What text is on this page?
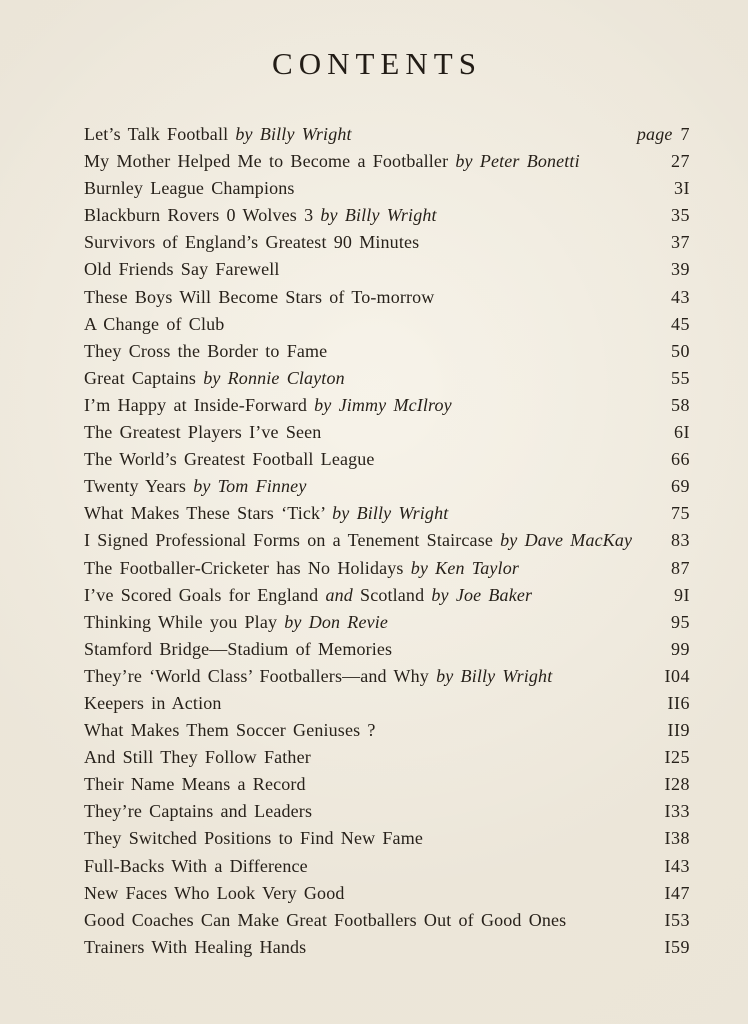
CONTENTS
Let’s Talk Football by Billy Wright	page 7
My Mother Helped Me to Become a Footballer by Peter Bonetti	27
Burnley League Champions	3I
Blackburn Rovers 0 Wolves 3 by Billy Wright	35
Survivors of England’s Greatest 90 Minutes	37
Old Friends Say Farewell	39
These Boys Will Become Stars of To-morrow	43
A Change of Club	45
They Cross the Border to Fame	50
Great Captains by Ronnie Clayton	55
I’m Happy at Inside-Forward by Jimmy McIlroy	58
The Greatest Players I’ve Seen	6I
The World’s Greatest Football League	66
Twenty Years by Tom Finney	69
What Makes These Stars ‘Tick’ by Billy Wright	75
I Signed Professional Forms on a Tenement Staircase by Dave MacKay	83
The Footballer-Cricketer has No Holidays by Ken Taylor	87
I’ve Scored Goals for England and Scotland by Joe Baker	9I
Thinking While you Play by Don Revie	95
Stamford Bridge—Stadium of Memories	99
They’re ‘World Class’ Footballers—and Why by Billy Wright	I04
Keepers in Action	II6
What Makes Them Soccer Geniuses ?	II9
And Still They Follow Father	I25
Their Name Means a Record	I28
They’re Captains and Leaders	I33
They Switched Positions to Find New Fame	I38
Full-Backs With a Difference	I43
New Faces Who Look Very Good	I47
Good Coaches Can Make Great Footballers Out of Good Ones	I53
Trainers With Healing Hands	I59
